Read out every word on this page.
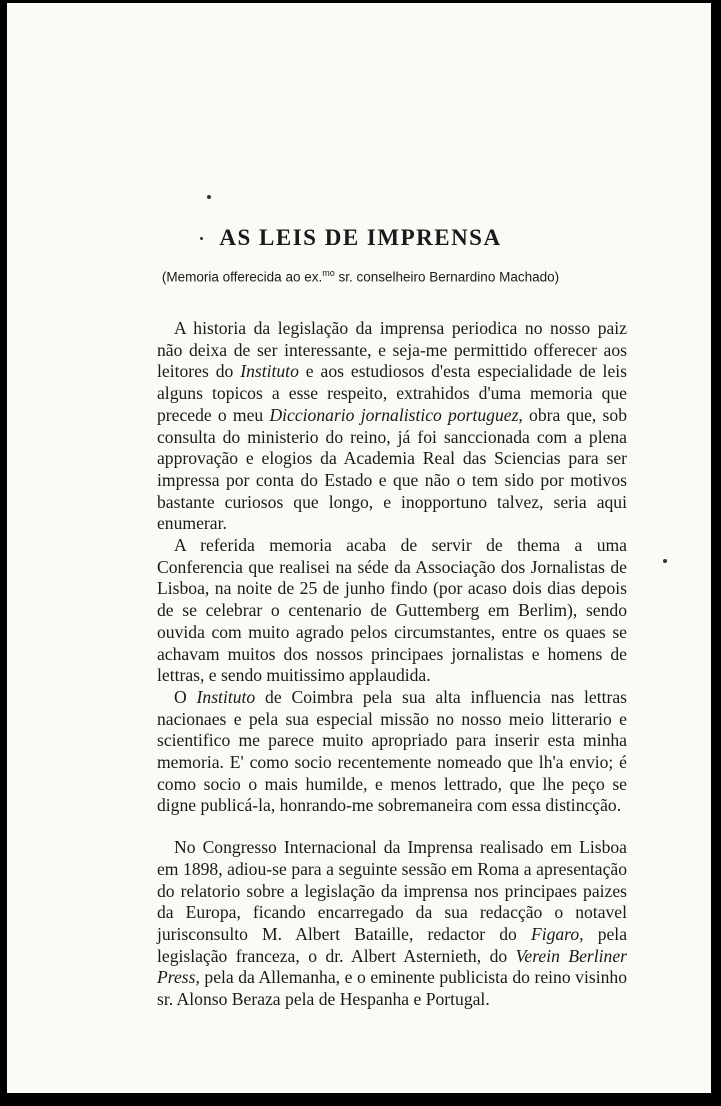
AS LEIS DE IMPRENSA
(Memoria offerecida ao ex.$^{mo}$ sr. conselheiro Bernardino Machado)

A historia da legislação da imprensa periodica no nosso paiz não deixa de ser interessante, e seja-me permittido offerecer aos leitores do Instituto e aos estudiosos d'esta especialidade de leis alguns topicos a esse respeito, extrahidos d'uma memoria que precede o meu Diccionario jornalistico portuguez, obra que, sob consulta do ministerio do reino, já foi sanccionada com a plena approvação e elogios da Academia Real das Sciencias para ser impressa por conta do Estado e que não o tem sido por motivos bastante curiosos que longo, e inopportuno talvez, seria aqui enumerar.

A referida memoria acaba de servir de thema a uma Conferencia que realisei na séde da Associação dos Jornalistas de Lisboa, na noite de 25 de junho findo (por acaso dois dias depois de se celebrar o centenario de Guttemberg em Berlim), sendo ouvida com muito agrado pelos circumstantes, entre os quaes se achavam muitos dos nossos principaes jornalistas e homens de lettras, e sendo muitissimo applaudida.

O Instituto de Coimbra pela sua alta influencia nas lettras nacionaes e pela sua especial missão no nosso meio litterario e scientifico me parece muito apropriado para inserir esta minha memoria. E' como socio recentemente nomeado que lh'a envio; é como socio o mais humilde, e menos lettrado, que lhe peço se digne publicá-la, honrando-me sobremaneira com essa distincção.

No Congresso Internacional da Imprensa realisado em Lisboa em 1898, adiou-se para a seguinte sessão em Roma a apresentação do relatorio sobre a legislação da imprensa nos principaes paizes da Europa, ficando encarregado da sua redacção o notavel jurisconsulto M. Albert Bataille, redactor do Figaro, pela legislação franceza, o dr. Albert Asternieth, do Verein Berliner Press, pela da Allemanha, e o eminente publicista do reino visinho sr. Alonso Beraza pela de Hespanha e Portugal.
